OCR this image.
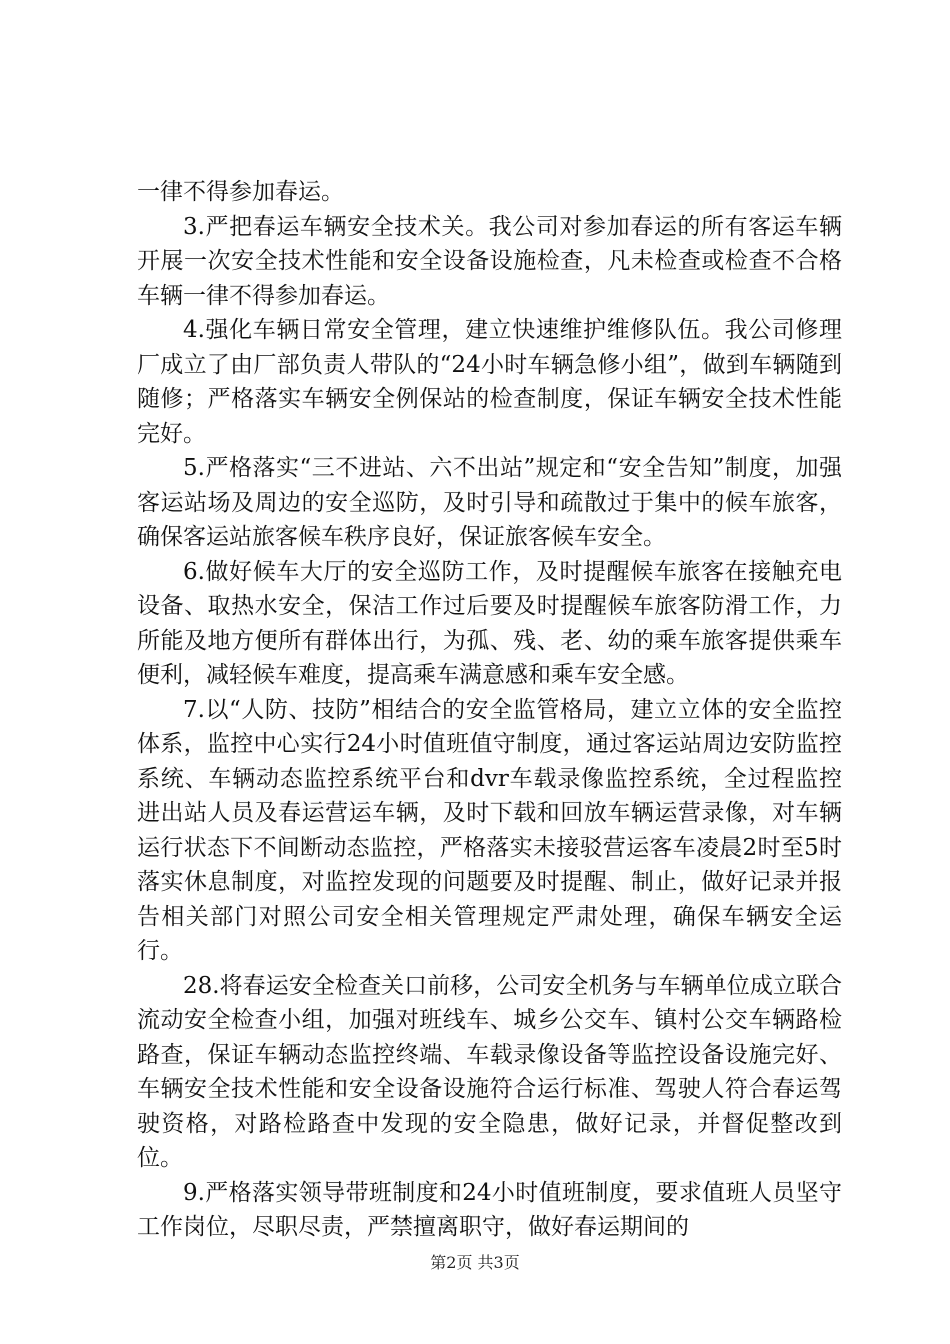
一律不得参加春运。

3.严把春运车辆安全技术关。我公司对参加春运的所有客运车辆开展一次安全技术性能和安全设备设施检查，凡未检查或检查不合格车辆一律不得参加春运。

4.强化车辆日常安全管理，建立快速维护维修队伍。我公司修理厂成立了由厂部负责人带队的“24小时车辆急修小组”，做到车辆随到随修；严格落实车辆安全例保站的检查制度，保证车辆安全技术性能完好。

5.严格落实“三不进站、六不出站”规定和“安全告知”制度，加强客运站场及周边的安全巡防，及时引导和疏散过于集中的候车旅客，确保客运站旅客候车秩序良好，保证旅客候车安全。

6.做好候车大厅的安全巡防工作，及时提醒候车旅客在接触充电设备、取热水安全，保洁工作过后要及时提醒候车旅客防滑工作，力所能及地方便所有群体出行，为孤、残、老、幼的乘车旅客提供乘车便利，减轻候车难度，提高乘车满意感和乘车安全感。

7.以“人防、技防”相结合的安全监管格局，建立立体的安全监控体系，监控中心实行24小时值班值守制度，通过客运站周边安防监控系统、车辆动态监控系统平台和dvr车载录像监控系统，全过程监控进出站人员及春运营运车辆，及时下载和回放车辆运营录像，对车辆运行状态下不间断动态监控，严格落实未接驳营运客车凌晨2时至5时落实休息制度，对监控发现的问题要及时提醒、制止，做好记录并报告相关部门对照公司安全相关管理规定严肃处理，确保车辆安全运行。

28.将春运安全检查关口前移，公司安全机务与车辆单位成立联合流动安全检查小组，加强对班线车、城乡公交车、镇村公交车辆路检路查，保证车辆动态监控终端、车载录像设备等监控设备设施完好、车辆安全技术性能和安全设备设施符合运行标准、驾驶人符合春运驾驶资格，对路检路查中发现的安全隐患，做好记录，并督促整改到位。

9.严格落实领导带班制度和24小时值班制度，要求值班人员坚守工作岗位，尽职尽责，严禁擅离职守，做好春运期间的

第2页 共3页
